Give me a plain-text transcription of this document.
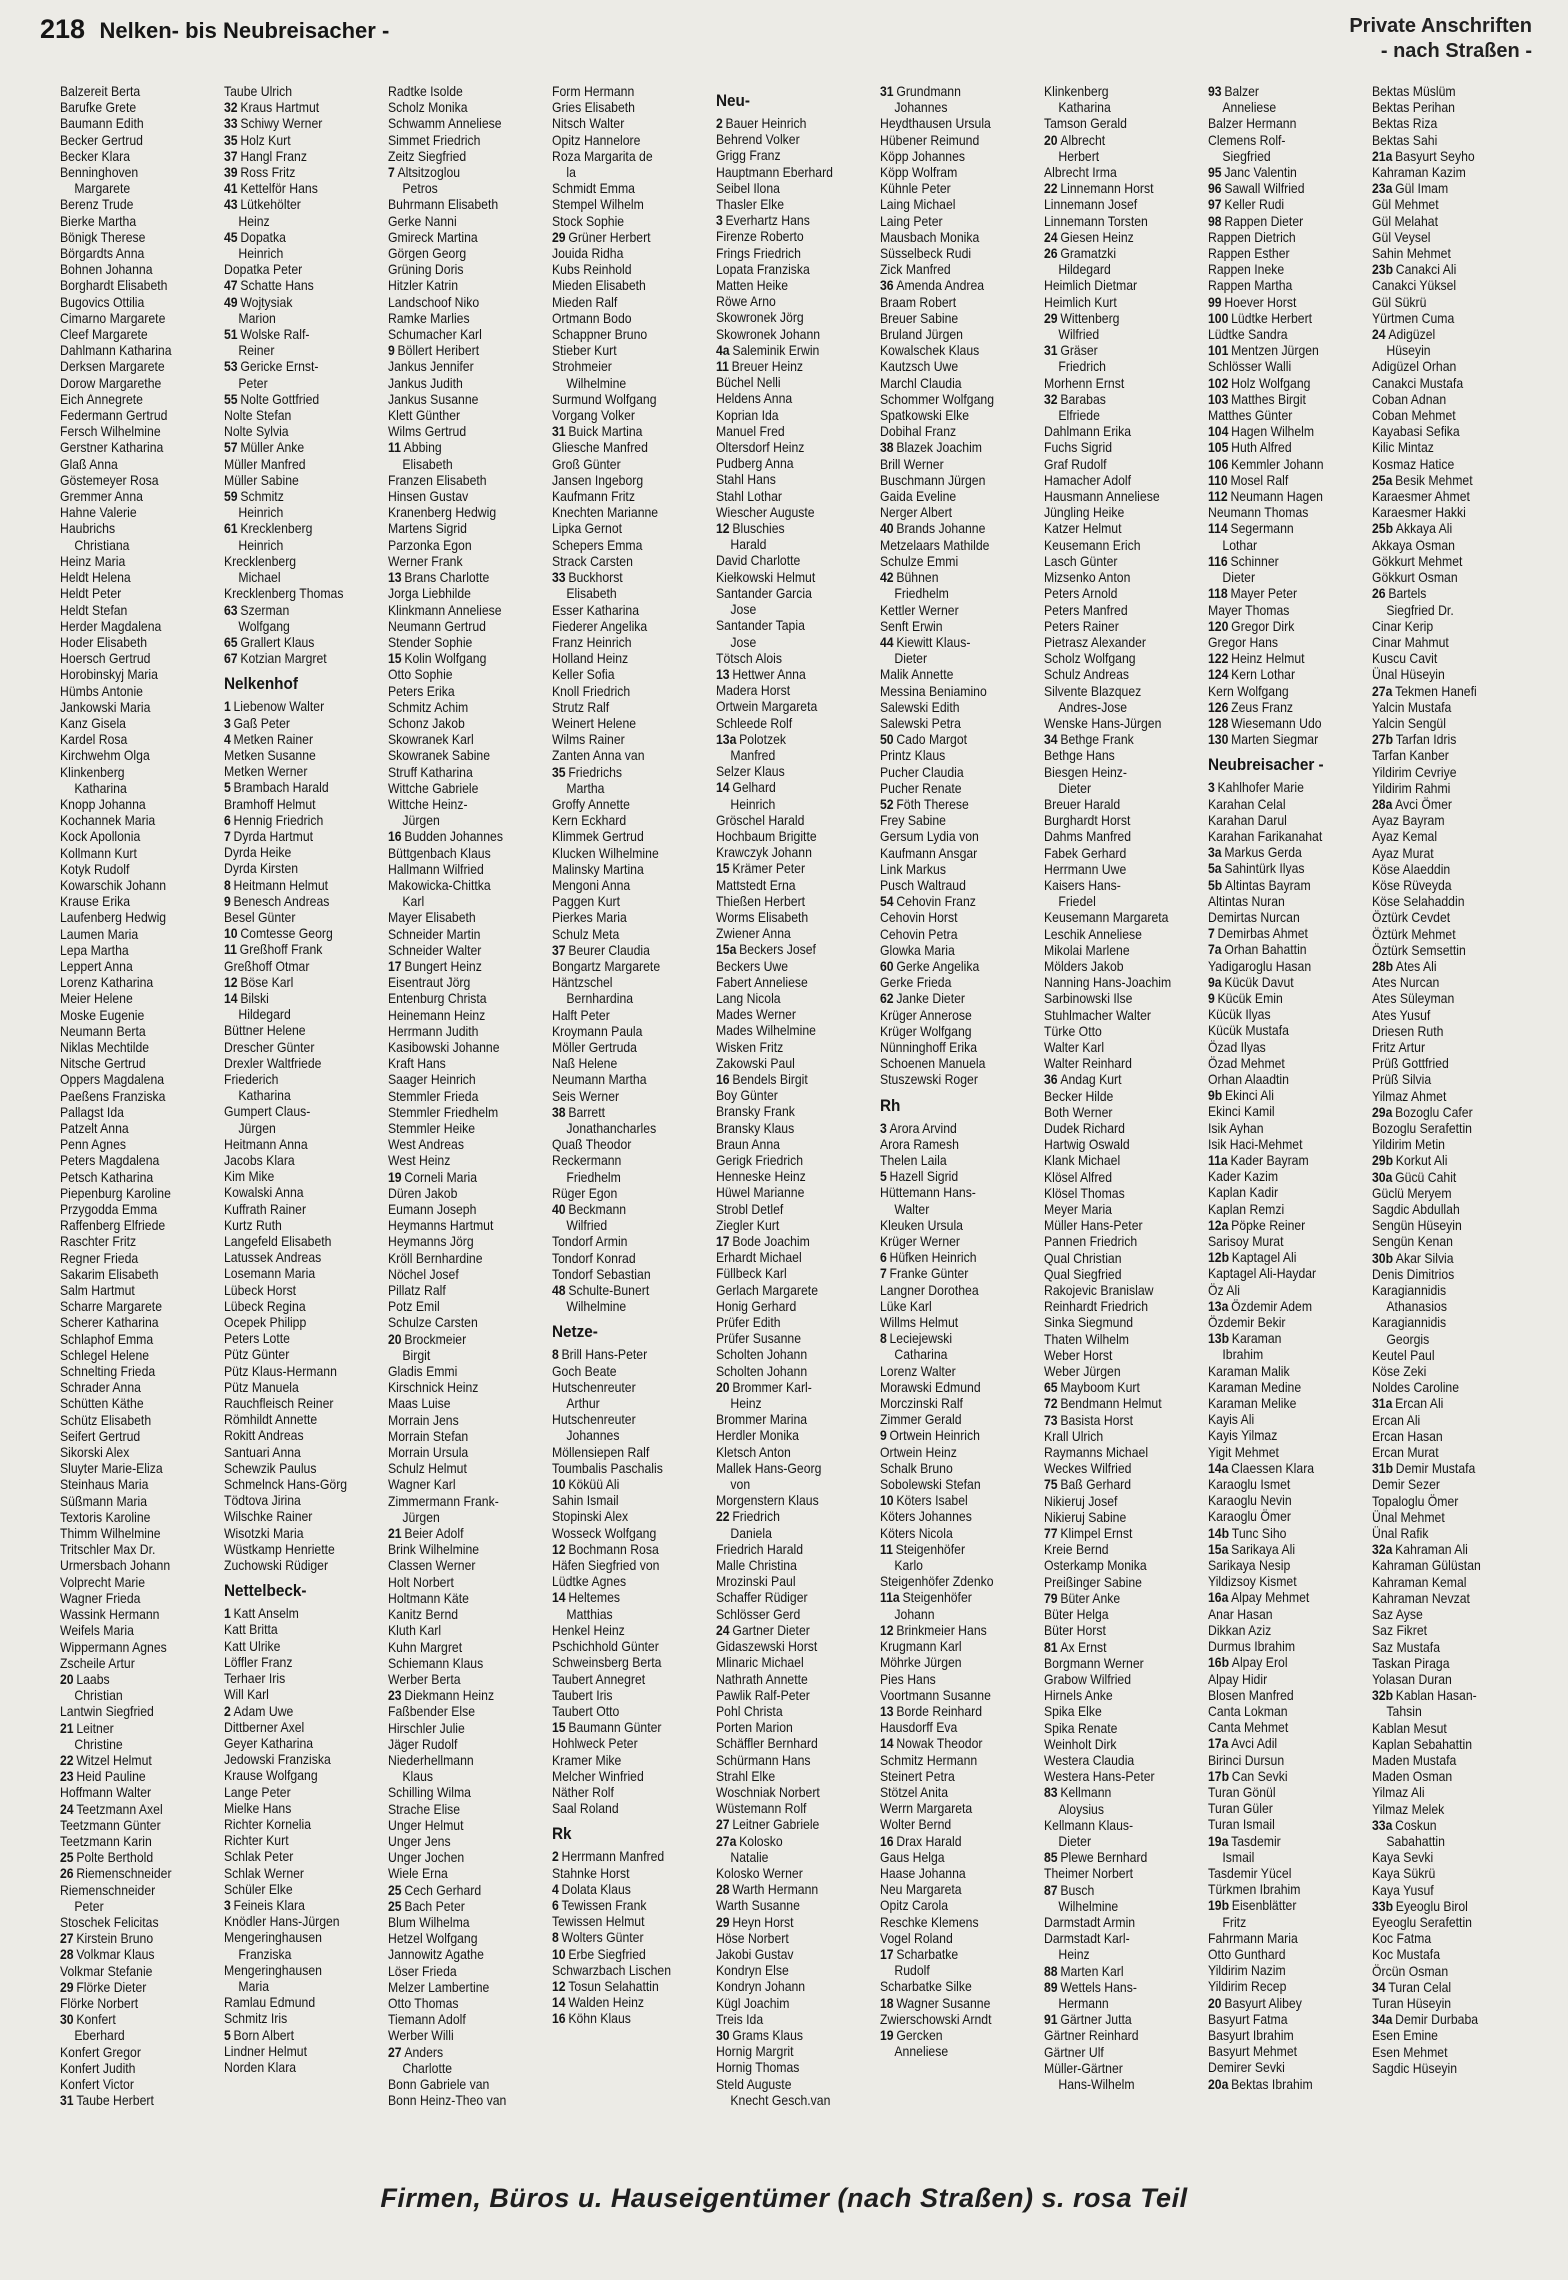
218 Nelken- bis Neubreisacher -	Private Anschriften
- nach Straßen -
Balzereit Berta
Barufke Grete
Baumann Edith
Becker Gertrud
Becker Klara
Benninghoven
Margarete
Berenz Trude
Bierke Martha
Bönigk Therese
Börgardts Anna
Bohnen Johanna
Borghardt Elisabeth
Bugovics Ottilia
Cimarno Margarete
Cleef Margarete
Dahlmann Katharina
Derksen Margarete
Dorow Margarethe
Eich Annegrete
Federmann Gertrud
Fersch Wilhelmine
Gerstner Katharina
Glaß Anna
Göstemeyer Rosa
Gremmer Anna
Hahne Valerie
Haubrichs
Christiana
Heinz Maria
Heldt Helena
Heldt Peter
Heldt Stefan
Herder Magdalena
Hoder Elisabeth
Hoersch Gertrud
Horobinskyj Maria
Hümbs Antonie
Jankowski Maria
Kanz Gisela
Kardel Rosa
Kirchwehm Olga
Klinkenberg
Katharina
Knopp Johanna
Kochannek Maria
Kock Apollonia
Kollmann Kurt
Kotyk Rudolf
Kowarschik Johann
Krause Erika
Laufenberg Hedwig
Laumen Maria
Lepa Martha
Leppert Anna
Lorenz Katharina
Meier Helene
Moske Eugenie
Neumann Berta
Niklas Mechtilde
Nitsche Gertrud
Oppers Magdalena
Paeßens Franziska
Pallagst Ida
Patzelt Anna
Penn Agnes
Peters Magdalena
Petsch Katharina
Piepenburg Karoline
Przygodda Emma
Raffenberg Elfriede
Raschter Fritz
Regner Frieda
Sakarim Elisabeth
Salm Hartmut
Scharre Margarete
Scherer Katharina
Schlaphof Emma
Schlegel Helene
Schnelting Frieda
Schrader Anna
Schütten Käthe
Schütz Elisabeth
Seifert Gertrud
Sikorski Alex
Sluyter Marie-Eliza
Steinhaus Maria
Süßmann Maria
Textoris Karoline
Thimm Wilhelmine
Tritschler Max Dr.
Urmersbach Johann
Volprecht Marie
Wagner Frieda
Wassink Hermann
Weifels Maria
Wippermann Agnes
Zscheile Artur
20 Laabs
Christian
Lantwin Siegfried
21 Leitner
Christine
22 Witzel Helmut
23 Heid Pauline
Hoffmann Walter
24 Teetzmann Axel
Teetzmann Günter
Teetzmann Karin
25 Polte Berthold
26 Riemenschneider
Riemenschneider
Peter
Stoschek Felicitas
27 Kirstein Bruno
28 Volkmar Klaus
Volkmar Stefanie
29 Flörke Dieter
Flörke Norbert
30 Konfert
Eberhard
Konfert Gregor
Konfert Judith
Konfert Victor
31 Taube Herbert
Taube Ulrich
32 Kraus Hartmut
33 Schiwy Werner
35 Holz Kurt
37 Hangl Franz
39 Ross Fritz
41 Kettelför Hans
43 Lütkehölter
Heinz
45 Dopatka
Heinrich
Dopatka Peter
47 Schatte Hans
49 Wojtysiak
Marion
51 Wolske Ralf-
Reiner
53 Gericke Ernst-
Peter
55 Nolte Gottfried
Nolte Stefan
Nolte Sylvia
57 Müller Anke
Müller Manfred
Müller Sabine
59 Schmitz
Heinrich
61 Krecklenberg
Heinrich
Krecklenberg
Michael
Krecklenberg Thomas
63 Szerman
Wolfgang
65 Grallert Klaus
67 Kotzian Margret
Nelkenhof
1 Liebenow Walter
3 Gaß Peter
4 Metken Rainer
Metken Susanne
Metken Werner
5 Brambach Harald
Bramhoff Helmut
6 Hennig Friedrich
7 Dyrda Hartmut
Dyrda Heike
Dyrda Kirsten
8 Heitmann Helmut
9 Benesch Andreas
Besel Günter
10 Comtesse Georg
11 Greßhoff Frank
Greßhoff Otmar
12 Böse Karl
14 Bilski
Hildegard
Büttner Helene
Drescher Günter
Drexler Waltfriede
Friederich
Katharina
Gumpert Claus-
Jürgen
Heitmann Anna
Jacobs Klara
Kim Mike
Kowalski Anna
Kuffrath Rainer
Kurtz Ruth
Langefeld Elisabeth
Latussek Andreas
Losemann Maria
Lübeck Horst
Lübeck Regina
Ocepek Philipp
Peters Lotte
Pütz Günter
Pütz Klaus-Hermann
Pütz Manuela
Rauchfleisch Reiner
Römhildt Annette
Rokitt Andreas
Santuari Anna
Schewzik Paulus
Schmelnck Hans-Görg
Tödtova Jirina
Wilschke Rainer
Wisotzki Maria
Wüstkamp Henriette
Zuchowski Rüdiger
Nettelbeck-
1 Katt Anselm
Katt Britta
Katt Ulrike
Löffler Franz
Terhaer Iris
Will Karl
2 Adam Uwe
Dittberner Axel
Geyer Katharina
Jedowski Franziska
Krause Wolfgang
Lange Peter
Mielke Hans
Richter Kornelia
Richter Kurt
Schlak Peter
Schlak Werner
Schüler Elke
3 Feineis Klara
Knödler Hans-Jürgen
Mengeringhausen
Franziska
Mengeringhausen
Maria
Ramlau Edmund
Schmitz Iris
5 Born Albert
Lindner Helmut
Norden Klara
Radtke Isolde
Scholz Monika
Schwamm Anneliese
Simmet Friedrich
Zeitz Siegfried
7 Altsitzoglou
Petros
Buhrmann Elisabeth
Gerke Nanni
Gmireck Martina
Görgen Georg
Grüning Doris
Hitzler Katrin
Landschoof Niko
Ramke Marlies
Schumacher Karl
9 Böllert Heribert
Jankus Jennifer
Jankus Judith
Jankus Susanne
Klett Günther
Wilms Gertrud
11 Abbing
Elisabeth
Franzen Elisabeth
Hinsen Gustav
Kranenberg Hedwig
Martens Sigrid
Parzonka Egon
Werner Frank
13 Brans Charlotte
Jorga Liebhilde
Klinkmann Anneliese
Neumann Gertrud
Stender Sophie
15 Kolin Wolfgang
Otto Sophie
Peters Erika
Schmitz Achim
Schonz Jakob
Skowranek Karl
Skowranek Sabine
Struff Katharina
Wittche Gabriele
Wittche Heinz-
Jürgen
16 Budden Johannes
Büttgenbach Klaus
Hallmann Wilfried
Makowicka-Chittka
Karl
Mayer Elisabeth
Schneider Martin
Schneider Walter
17 Bungert Heinz
Eisentraut Jörg
Entenburg Christa
Heinemann Heinz
Herrmann Judith
Kasibowski Johanne
Kraft Hans
Saager Heinrich
Stemmler Frieda
Stemmler Friedhelm
Stemmler Heike
West Andreas
West Heinz
19 Corneli Maria
Düren Jakob
Eumann Joseph
Heymanns Hartmut
Heymanns Jörg
Kröll Bernhardine
Nöchel Josef
Pillatz Ralf
Potz Emil
Schulze Carsten
20 Brockmeier
Birgit
Gladis Emmi
Kirschnick Heinz
Maas Luise
Morrain Jens
Morrain Stefan
Morrain Ursula
Schulz Helmut
Wagner Karl
Zimmermann Frank-
Jürgen
21 Beier Adolf
Brink Wilhelmine
Classen Werner
Holt Norbert
Holtmann Käte
Kanitz Bernd
Kluth Karl
Kuhn Margret
Schiemann Klaus
Werber Berta
23 Diekmann Heinz
Faßbender Else
Hirschler Julie
Jäger Rudolf
Niederhellmann
Klaus
Schilling Wilma
Strache Elise
Unger Helmut
Unger Jens
Unger Jochen
Wiele Erna
25 Cech Gerhard
25 Bach Peter
Blum Wilhelma
Hetzel Wolfgang
Jannowitz Agathe
Löser Frieda
Melzer Lambertine
Otto Thomas
Tiemann Adolf
Werber Willi
27 Anders
Charlotte
Bonn Gabriele van
Bonn Heinz-Theo van
Form Hermann
Gries Elisabeth
Nitsch Walter
Opitz Hannelore
Roza Margarita de
la
Schmidt Emma
Stempel Wilhelm
Stock Sophie
29 Grüner Herbert
Jouida Ridha
Kubs Reinhold
Mieden Elisabeth
Mieden Ralf
Ortmann Bodo
Schappner Bruno
Stieber Kurt
Strohmeier
Wilhelmine
Surmund Wolfgang
Vorgang Volker
31 Buick Martina
Gliesche Manfred
Groß Günter
Jansen Ingeborg
Kaufmann Fritz
Knechten Marianne
Lipka Gernot
Schepers Emma
Strack Carsten
33 Buckhorst
Elisabeth
Esser Katharina
Fiederer Angelika
Franz Heinrich
Holland Heinz
Keller Sofia
Knoll Friedrich
Strutz Ralf
Weinert Helene
Wilms Rainer
Zanten Anna van
35 Friedrichs
Martha
Groffy Annette
Kern Eckhard
Klimmek Gertrud
Klucken Wilhelmine
Malinsky Martina
Mengoni Anna
Paggen Kurt
Pierkes Maria
Schulz Meta
37 Beurer Claudia
Bongartz Margarete
Häntzschel
Bernhardina
Halft Peter
Kroymann Paula
Möller Gertruda
Naß Helene
Neumann Martha
Seis Werner
38 Barrett
Jonathancharles
Quaß Theodor
Reckermann
Friedhelm
Rüger Egon
40 Beckmann
Wilfried
Tondorf Armin
Tondorf Konrad
Tondorf Sebastian
48 Schulte-Bunert
Wilhelmine
Netze-
8 Brill Hans-Peter
Goch Beate
Hutschenreuter
Arthur
Hutschenreuter
Johannes
Möllensiepen Ralf
Toumbalis Paschalis
10 Köküü Ali
Sahin Ismail
Stopinski Alex
Wosseck Wolfgang
12 Bochmann Rosa
Häfen Siegfried von
Lüdtke Agnes
14 Heltemes
Matthias
Henkel Heinz
Pschichhold Günter
Schweinsberg Berta
Taubert Annegret
Taubert Iris
Taubert Otto
15 Baumann Günter
Hohlweck Peter
Kramer Mike
Melcher Winfried
Näther Rolf
Saal Roland
Rk
2 Herrmann Manfred
Stahnke Horst
4 Dolata Klaus
6 Tewissen Frank
Tewissen Helmut
8 Wolters Günter
10 Erbe Siegfried
Schwarzbach Lischen
12 Tosun Selahattin
14 Walden Heinz
16 Köhn Klaus
Neu-
2 Bauer Heinrich
Behrend Volker
Grigg Franz
Hauptmann Eberhard
Seibel Ilona
Thasler Elke
3 Everhartz Hans
Firenze Roberto
Frings Friedrich
Lopata Franziska
Matten Heike
Röwe Arno
Skowronek Jörg
Skowronek Johann
4a Saleminik Erwin
11 Breuer Heinz
Büchel Nelli
Heldens Anna
Koprian Ida
Manuel Fred
Oltersdorf Heinz
Pudberg Anna
Stahl Hans
Stahl Lothar
Wiescher Auguste
12 Bluschies
Harald
David Charlotte
Kiełkowski Helmut
Santander Garcia
Jose
Santander Tapia
Jose
Tötsch Alois
13 Hettwer Anna
Madera Horst
Ortwein Margareta
Schleede Rolf
13a Polotzek
Manfred
Selzer Klaus
14 Gelhard
Heinrich
Gröschel Harald
Hochbaum Brigitte
Krawczyk Johann
15 Krämer Peter
Mattstedt Erna
Thießen Herbert
Worms Elisabeth
Zwiener Anna
15a Beckers Josef
Beckers Uwe
Fabert Anneliese
Lang Nicola
Mades Werner
Mades Wilhelmine
Wisken Fritz
Zakowski Paul
16 Bendels Birgit
Boy Günter
Bransky Frank
Bransky Klaus
Braun Anna
Gerigk Friedrich
Henneske Heinz
Hüwel Marianne
Strobl Detlef
Ziegler Kurt
17 Bode Joachim
Erhardt Michael
Füllbeck Karl
Gerlach Margarete
Honig Gerhard
Prüfer Edith
Prüfer Susanne
Scholten Johann
Scholten Johann
20 Brommer Karl-
Heinz
Brommer Marina
Herdler Monika
Kletsch Anton
Mallek Hans-Georg
von
Morgenstern Klaus
22 Friedrich
Daniela
Friedrich Harald
Malle Christina
Mrozinski Paul
Schaffer Rüdiger
Schlösser Gerd
24 Gartner Dieter
Gidaszewski Horst
Mlinaric Michael
Nathrath Annette
Pawlik Ralf-Peter
Pohl Christa
Porten Marion
Schäffler Bernhard
Schürmann Hans
Strahl Elke
Woschniak Norbert
Wüstemann Rolf
27 Leitner Gabriele
27a Kolosko
Natalie
Kolosko Werner
28 Warth Hermann
Warth Susanne
29 Heyn Horst
Höse Norbert
Jakobi Gustav
Kondryn Else
Kondryn Johann
Kügl Joachim
Treis Ida
30 Grams Klaus
Hornig Margrit
Hornig Thomas
Steld Auguste
Knecht Gesch.van
31 Grundmann
Johannes
Heydthausen Ursula
Hübener Reimund
Köpp Johannes
Köpp Wolfram
Kühnle Peter
Laing Michael
Laing Peter
Mausbach Monika
Süsselbeck Rudi
Zick Manfred
36 Amenda Andrea
Braam Robert
Breuer Sabine
Bruland Jürgen
Kowalschek Klaus
Kautzsch Uwe
Marchl Claudia
Schommer Wolfgang
Spatkowski Elke
Dobihal Franz
38 Blazek Joachim
Brill Werner
Buschmann Jürgen
Gaida Eveline
Nerger Albert
40 Brands Johanne
Metzelaars Mathilde
Schulze Emmi
42 Bühnen
Friedhelm
Kettler Werner
Senft Erwin
44 Kiewitt Klaus-
Dieter
Malik Annette
Messina Beniamino
Salewski Edith
Salewski Petra
50 Cado Margot
Printz Klaus
Pucher Claudia
Pucher Renate
52 Föth Therese
Frey Sabine
Gersum Lydia von
Kaufmann Ansgar
Link Markus
Pusch Waltraud
54 Cehovin Franz
Cehovin Horst
Cehovin Petra
Glowka Maria
60 Gerke Angelika
Gerke Frieda
62 Janke Dieter
Krüger Annerose
Krüger Wolfgang
Nünninghoff Erika
Schoenen Manuela
Stuszewski Roger
Rh
3 Arora Arvind
Arora Ramesh
Thelen Laila
5 Hazell Sigrid
Hüttemann Hans-
Walter
Kleuken Ursula
Krüger Werner
6 Hüfken Heinrich
7 Franke Günter
Langner Dorothea
Lüke Karl
Willms Helmut
8 Leciejewski
Catharina
Lorenz Walter
Morawski Edmund
Morczinski Ralf
Zimmer Gerald
9 Ortwein Heinrich
Ortwein Heinz
Schalk Bruno
Sobolewski Stefan
10 Köters Isabel
Köters Johannes
Köters Nicola
11 Steigenhöfer
Karlo
Steigenhöfer Zdenko
11a Steigenhöfer
Johann
12 Brinkmeier Hans
Krugmann Karl
Möhrke Jürgen
Pies Hans
Voortmann Susanne
13 Borde Reinhard
Hausdorff Eva
14 Nowak Theodor
Schmitz Hermann
Steinert Petra
Stötzel Anita
Werrn Margareta
Wolter Bernd
16 Drax Harald
Gaus Helga
Haase Johanna
Neu Margareta
Opitz Carola
Reschke Klemens
Vogel Roland
17 Scharbatke
Rudolf
Scharbatke Silke
18 Wagner Susanne
Zwierschowski Arndt
19 Gercken
Anneliese
Klinkenberg
Katharina
Tamson Gerald
20 Albrecht
Herbert
Albrecht Irma
22 Linnemann Horst
Linnemann Josef
Linnemann Torsten
24 Giesen Heinz
26 Gramatzki
Hildegard
Heimlich Dietmar
Heimlich Kurt
29 Wittenberg
Wilfried
31 Gräser
Friedrich
Morhenn Ernst
32 Barabas
Elfriede
Dahlmann Erika
Fuchs Sigrid
Graf Rudolf
Hamacher Adolf
Hausmann Anneliese
Jüngling Heike
Katzer Helmut
Keusemann Erich
Lasch Günter
Mizsenko Anton
Peters Arnold
Peters Manfred
Peters Rainer
Pietrasz Alexander
Scholz Wolfgang
Schulz Andreas
Silvente Blazquez
Andres-Jose
Wenske Hans-Jürgen
34 Bethge Frank
Bethge Hans
Biesgen Heinz-
Dieter
Breuer Harald
Burghardt Horst
Dahms Manfred
Fabek Gerhard
Herrmann Uwe
Kaisers Hans-
Friedel
Keusemann Margareta
Leschik Anneliese
Mikolai Marlene
Mölders Jakob
Nanning Hans-Joachim
Sarbinowski Ilse
Stuhlmacher Walter
Türke Otto
Walter Karl
Walter Reinhard
36 Andag Kurt
Becker Hilde
Both Werner
Dudek Richard
Hartwig Oswald
Klank Michael
Klösel Alfred
Klösel Thomas
Meyer Maria
Müller Hans-Peter
Pannen Friedrich
Qual Christian
Qual Siegfried
Rakojevic Branislaw
Reinhardt Friedrich
Sinka Siegmund
Thaten Wilhelm
Weber Horst
Weber Jürgen
65 Mayboom Kurt
72 Bendmann Helmut
73 Basista Horst
Krall Ulrich
Raymanns Michael
Weckes Wilfried
75 Baß Gerhard
Nikieruj Josef
Nikieruj Sabine
77 Klimpel Ernst
Kreie Bernd
Osterkamp Monika
Preißinger Sabine
79 Büter Anke
Büter Helga
Büter Horst
81 Ax Ernst
Borgmann Werner
Grabow Wilfried
Hirnels Anke
Spika Elke
Spika Renate
Weinholt Dirk
Westera Claudia
Westera Hans-Peter
83 Kellmann
Aloysius
Kellmann Klaus-
Dieter
85 Plewe Bernhard
Theimer Norbert
87 Busch
Wilhelmine
Darmstadt Armin
Darmstadt Karl-
Heinz
88 Marten Karl
89 Wettels Hans-
Hermann
91 Gärtner Jutta
Gärtner Reinhard
Gärtner Ulf
Müller-Gärtner
Hans-Wilhelm
93 Balzer
Anneliese
Balzer Hermann
Clemens Rolf-
Siegfried
95 Janc Valentin
96 Sawall Wilfried
97 Keller Rudi
98 Rappen Dieter
Rappen Dietrich
Rappen Esther
Rappen Ineke
Rappen Martha
99 Hoever Horst
100 Lüdtke Herbert
Lüdtke Sandra
101 Mentzen Jürgen
Schlösser Walli
102 Holz Wolfgang
103 Matthes Birgit
Matthes Günter
104 Hagen Wilhelm
105 Huth Alfred
106 Kemmler Johann
110 Mosel Ralf
112 Neumann Hagen
Neumann Thomas
114 Segermann
Lothar
116 Schinner
Dieter
118 Mayer Peter
Mayer Thomas
120 Gregor Dirk
Gregor Hans
122 Heinz Helmut
124 Kern Lothar
Kern Wolfgang
126 Zeus Franz
128 Wiesemann Udo
130 Marten Siegmar
Neubreisacher -
3 Kahlhofer Marie
Karahan Celal
Karahan Darul
Karahan Farikanahat
3a Markus Gerda
5a Sahintürk Ilyas
5b Altintas Bayram
Altintas Nuran
Demirtas Nurcan
7 Demirbas Ahmet
7a Orhan Bahattin
Yadigaroglu Hasan
9a Kücük Davut
9 Kücük Emin
Kücük Ilyas
Kücük Mustafa
Özad Ilyas
Özad Mehmet
Orhan Alaadtin
9b Ekinci Ali
Ekinci Kamil
Isik Ayhan
Isik Haci-Mehmet
11a Kader Bayram
Kader Kazim
Kaplan Kadir
Kaplan Remzi
12a Pöpke Reiner
Sarisoy Murat
12b Kaptagel Ali
Kaptagel Ali-Haydar
Öz Ali
13a Özdemir Adem
Özdemir Bekir
13b Karaman
Ibrahim
Karaman Malik
Karaman Medine
Karaman Melike
Kayis Ali
Kayis Yilmaz
Yigit Mehmet
14a Claessen Klara
Karaoglu Ismet
Karaoglu Nevin
Karaoglu Ömer
14b Tunc Siho
15a Sarikaya Ali
Sarikaya Nesip
Yildizsoy Kismet
16a Alpay Mehmet
Anar Hasan
Dikkan Aziz
Durmus Ibrahim
16b Alpay Erol
Alpay Hidir
Blosen Manfred
Canta Lokman
Canta Mehmet
17a Avci Adil
Birinci Dursun
17b Can Sevki
Turan Gönül
Turan Güler
Turan Ismail
19a Tasdemir
Ismail
Tasdemir Yücel
Türkmen Ibrahim
19b Eisenblätter
Fritz
Fahrmann Maria
Otto Gunthard
Yildirim Nazim
Yildirim Recep
20 Basyurt Alibey
Basyurt Fatma
Basyurt Ibrahim
Basyurt Mehmet
Demirer Sevki
20a Bektas Ibrahim
Bektas Müslüm
Bektas Perihan
Bektas Riza
Bektas Sahi
21a Basyurt Seyho
Kahraman Kazim
23a Gül Imam
Gül Mehmet
Gül Melahat
Gül Veysel
Sahin Mehmet
23b Canakci Ali
Canakci Yüksel
Gül Sükrü
Yürtmen Cuma
24 Adigüzel
Hüseyin
Adigüzel Orhan
Canakci Mustafa
Coban Adnan
Coban Mehmet
Kayabasi Sefika
Kilic Mintaz
Kosmaz Hatice
25a Besik Mehmet
Karaesmer Ahmet
Karaesmer Hakki
25b Akkaya Ali
Akkaya Osman
Gökkurt Mehmet
Gökkurt Osman
26 Bartels
Siegfried Dr.
Cinar Kerip
Cinar Mahmut
Kuscu Cavit
Ünal Hüseyin
27a Tekmen Hanefi
Yalcin Mustafa
Yalcin Sengül
27b Tarfan Idris
Tarfan Kanber
Yildirim Cevriye
Yildirim Rahmi
28a Avci Ömer
Ayaz Bayram
Ayaz Kemal
Ayaz Murat
Köse Alaeddin
Köse Rüveyda
Köse Selahaddin
Öztürk Cevdet
Öztürk Mehmet
Öztürk Semsettin
28b Ates Ali
Ates Nurcan
Ates Süleyman
Ates Yusuf
Driesen Ruth
Fritz Artur
Prüß Gottfried
Prüß Silvia
Yilmaz Ahmet
29a Bozoglu Cafer
Bozoglu Serafettin
Yildirim Metin
29b Korkut Ali
30a Gücü Cahit
Güclü Meryem
Sagdic Abdullah
Sengün Hüseyin
Sengün Kenan
30b Akar Silvia
Denis Dimitrios
Karagiannidis
Athanasios
Karagiannidis
Georgis
Keutel Paul
Köse Zeki
Noldes Caroline
31a Ercan Ali
Ercan Ali
Ercan Hasan
Ercan Murat
31b Demir Mustafa
Demir Sezer
Topaloglu Ömer
Ünal Mehmet
Ünal Rafik
32a Kahraman Ali
Kahraman Gülüstan
Kahraman Kemal
Kahraman Nevzat
Saz Ayse
Saz Fikret
Saz Mustafa
Taskan Piraga
Yolasan Duran
32b Kablan Hasan-
Tahsin
Kablan Mesut
Kaplan Sebahattin
Maden Mustafa
Maden Osman
Yilmaz Ali
Yilmaz Melek
33a Coskun
Sabahattin
Kaya Sevki
Kaya Sükrü
Kaya Yusuf
33b Eyeoglu Birol
Eyeoglu Serafettin
Koc Fatma
Koc Mustafa
Örcün Osman
34 Turan Celal
Turan Hüseyin
34a Demir Durbaba
Esen Emine
Esen Mehmet
Sagdic Hüseyin
Firmen, Büros u. Hauseigentümer (nach Straßen) s. rosa Teil
